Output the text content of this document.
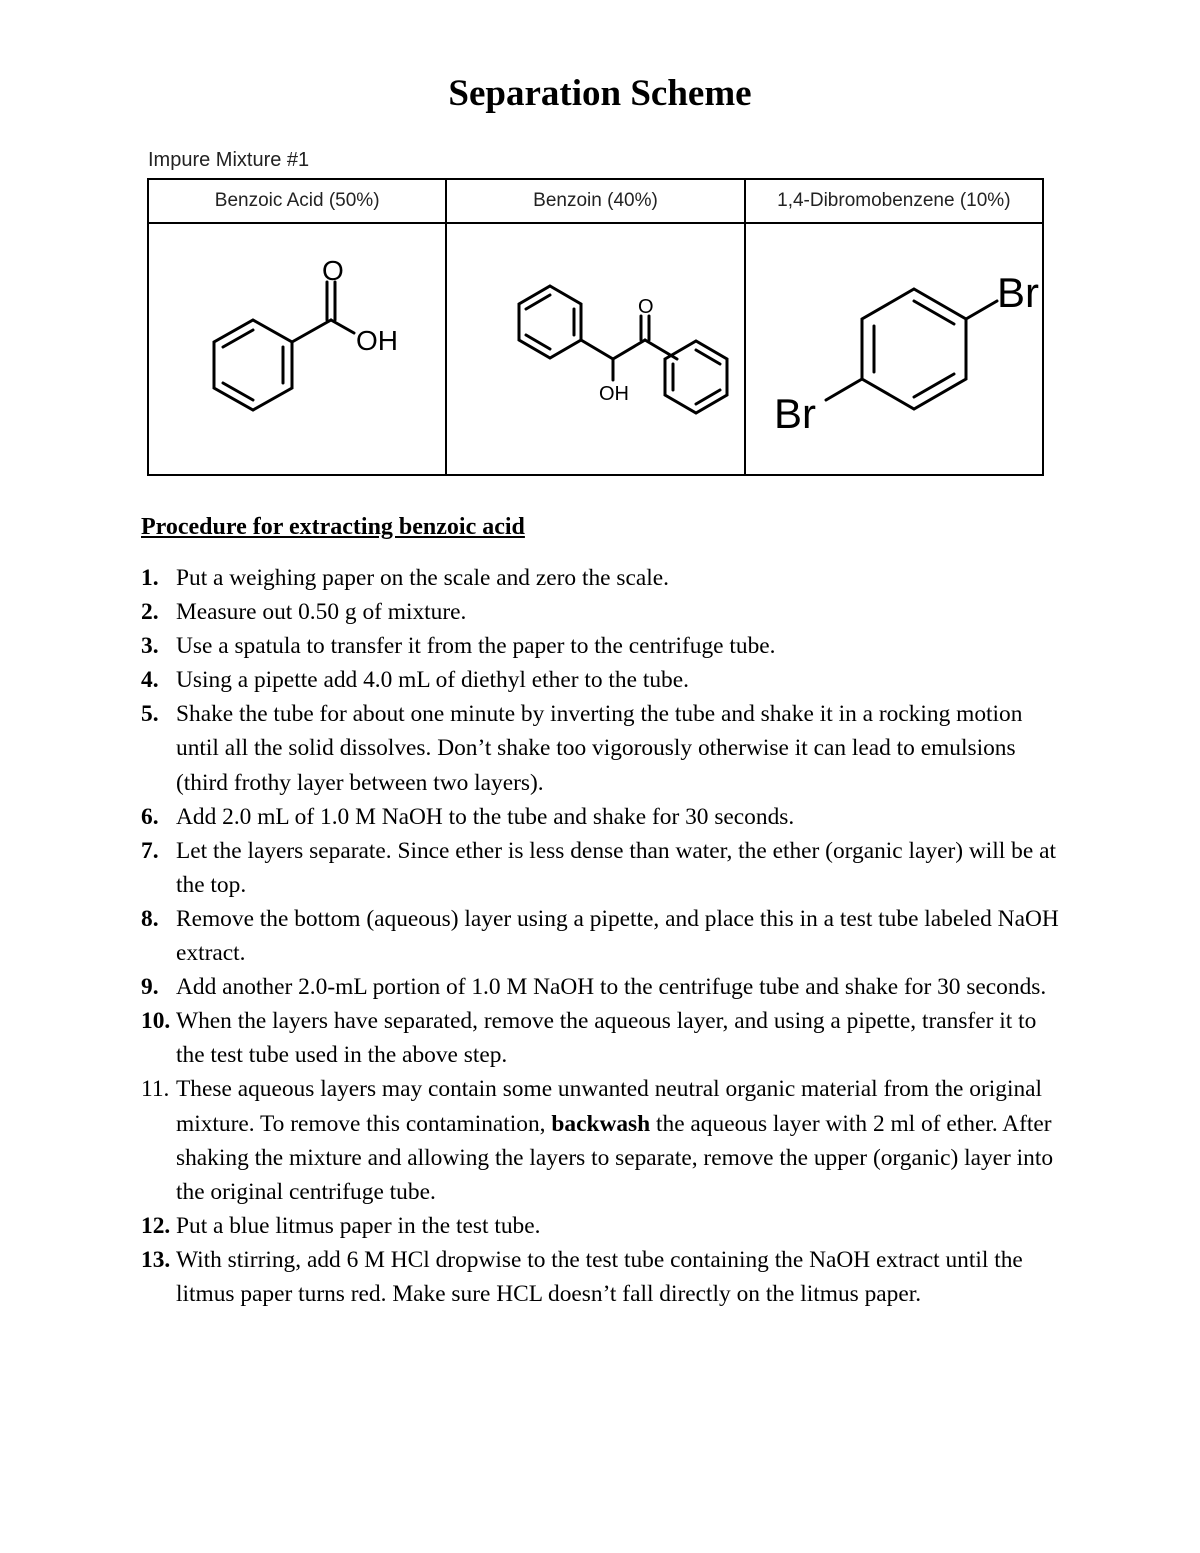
Separation Scheme
Impure Mixture #1
Benzoic Acid (50%)	Benzoin (40%)	1,4-Dibromobenzene (10%)

O
OH	O
OH	Br
Br
Procedure for extracting benzoic acid
1. Put a weighing paper on the scale and zero the scale.
2. Measure out 0.50 g of mixture.
3. Use a spatula to transfer it from the paper to the centrifuge tube.
4. Using a pipette add 4.0 mL of diethyl ether to the tube.
5. Shake the tube for about one minute by inverting the tube and shake it in a rocking motion until all the solid dissolves. Don’t shake too vigorously otherwise it can lead to emulsions (third frothy layer between two layers).
6. Add 2.0 mL of 1.0 M NaOH to the tube and shake for 30 seconds.
7. Let the layers separate. Since ether is less dense than water, the ether (organic layer) will be at the top.
8. Remove the bottom (aqueous) layer using a pipette, and place this in a test tube labeled NaOH extract.
9. Add another 2.0-mL portion of 1.0 M NaOH to the centrifuge tube and shake for 30 seconds.
10. When the layers have separated, remove the aqueous layer, and using a pipette, transfer it to the test tube used in the above step.
11. These aqueous layers may contain some unwanted neutral organic material from the original mixture. To remove this contamination, backwash the aqueous layer with 2 ml of ether. After shaking the mixture and allowing the layers to separate, remove the upper (organic) layer into the original centrifuge tube.
12. Put a blue litmus paper in the test tube.
13. With stirring, add 6 M HCl dropwise to the test tube containing the NaOH extract until the litmus paper turns red. Make sure HCL doesn’t fall directly on the litmus paper.
